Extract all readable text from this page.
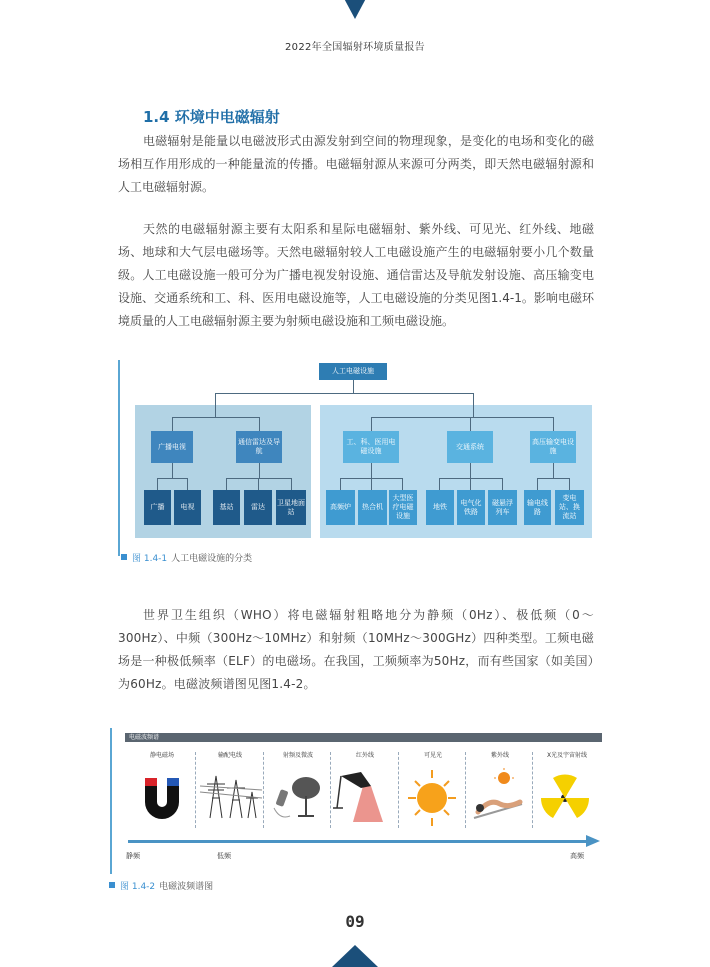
2022年全国辐射环境质量报告
1.4 环境中电磁辐射

电磁辐射是能量以电磁波形式由源发射到空间的物理现象，是变化的电场和变化的磁场相互作用形成的一种能量流的传播。电磁辐射源从来源可分两类，即天然电磁辐射源和人工电磁辐射源。

天然的电磁辐射源主要有太阳系和星际电磁辐射、紫外线、可见光、红外线、地磁场、地球和大气层电磁场等。天然电磁辐射较人工电磁设施产生的电磁辐射要小几个数量级。人工电磁设施一般可分为广播电视发射设施、通信雷达及导航发射设施、高压输变电设施、交通系统和工、科、医用电磁设施等，人工电磁设施的分类见图1.4-1。影响电磁环境质量的人工电磁辐射源主要为射频电磁设施和工频电磁设施。

人工电磁设施
广播电视
通信雷达及导航
工、科、医用电磁设施
交通系统
高压输变电设施
广播	电视	基站	雷达
卫星地面站
高频炉	热合机
大型医疗电磁设施
地铁
电气化铁路
磁悬浮列车
输电线路
变电站、换流站
图 1.4-1 人工电磁设施的分类

世界卫生组织（WHO）将电磁辐射粗略地分为静频（0Hz）、极低频（0～300Hz）、中频（300Hz～10MHz）和射频（10MHz～300GHz）四种类型。工频电磁场是一种极低频率（ELF）的电磁场。在我国，工频频率为50Hz，而有些国家（如美国）为60Hz。电磁波频谱图见图1.4-2。

电磁波频谱
静电磁场	输配电线	射频及微波	红外线	可见光	紫外线	X光及宇宙射线
静频	低频	高频
图 1.4-2 电磁波频谱图
09
